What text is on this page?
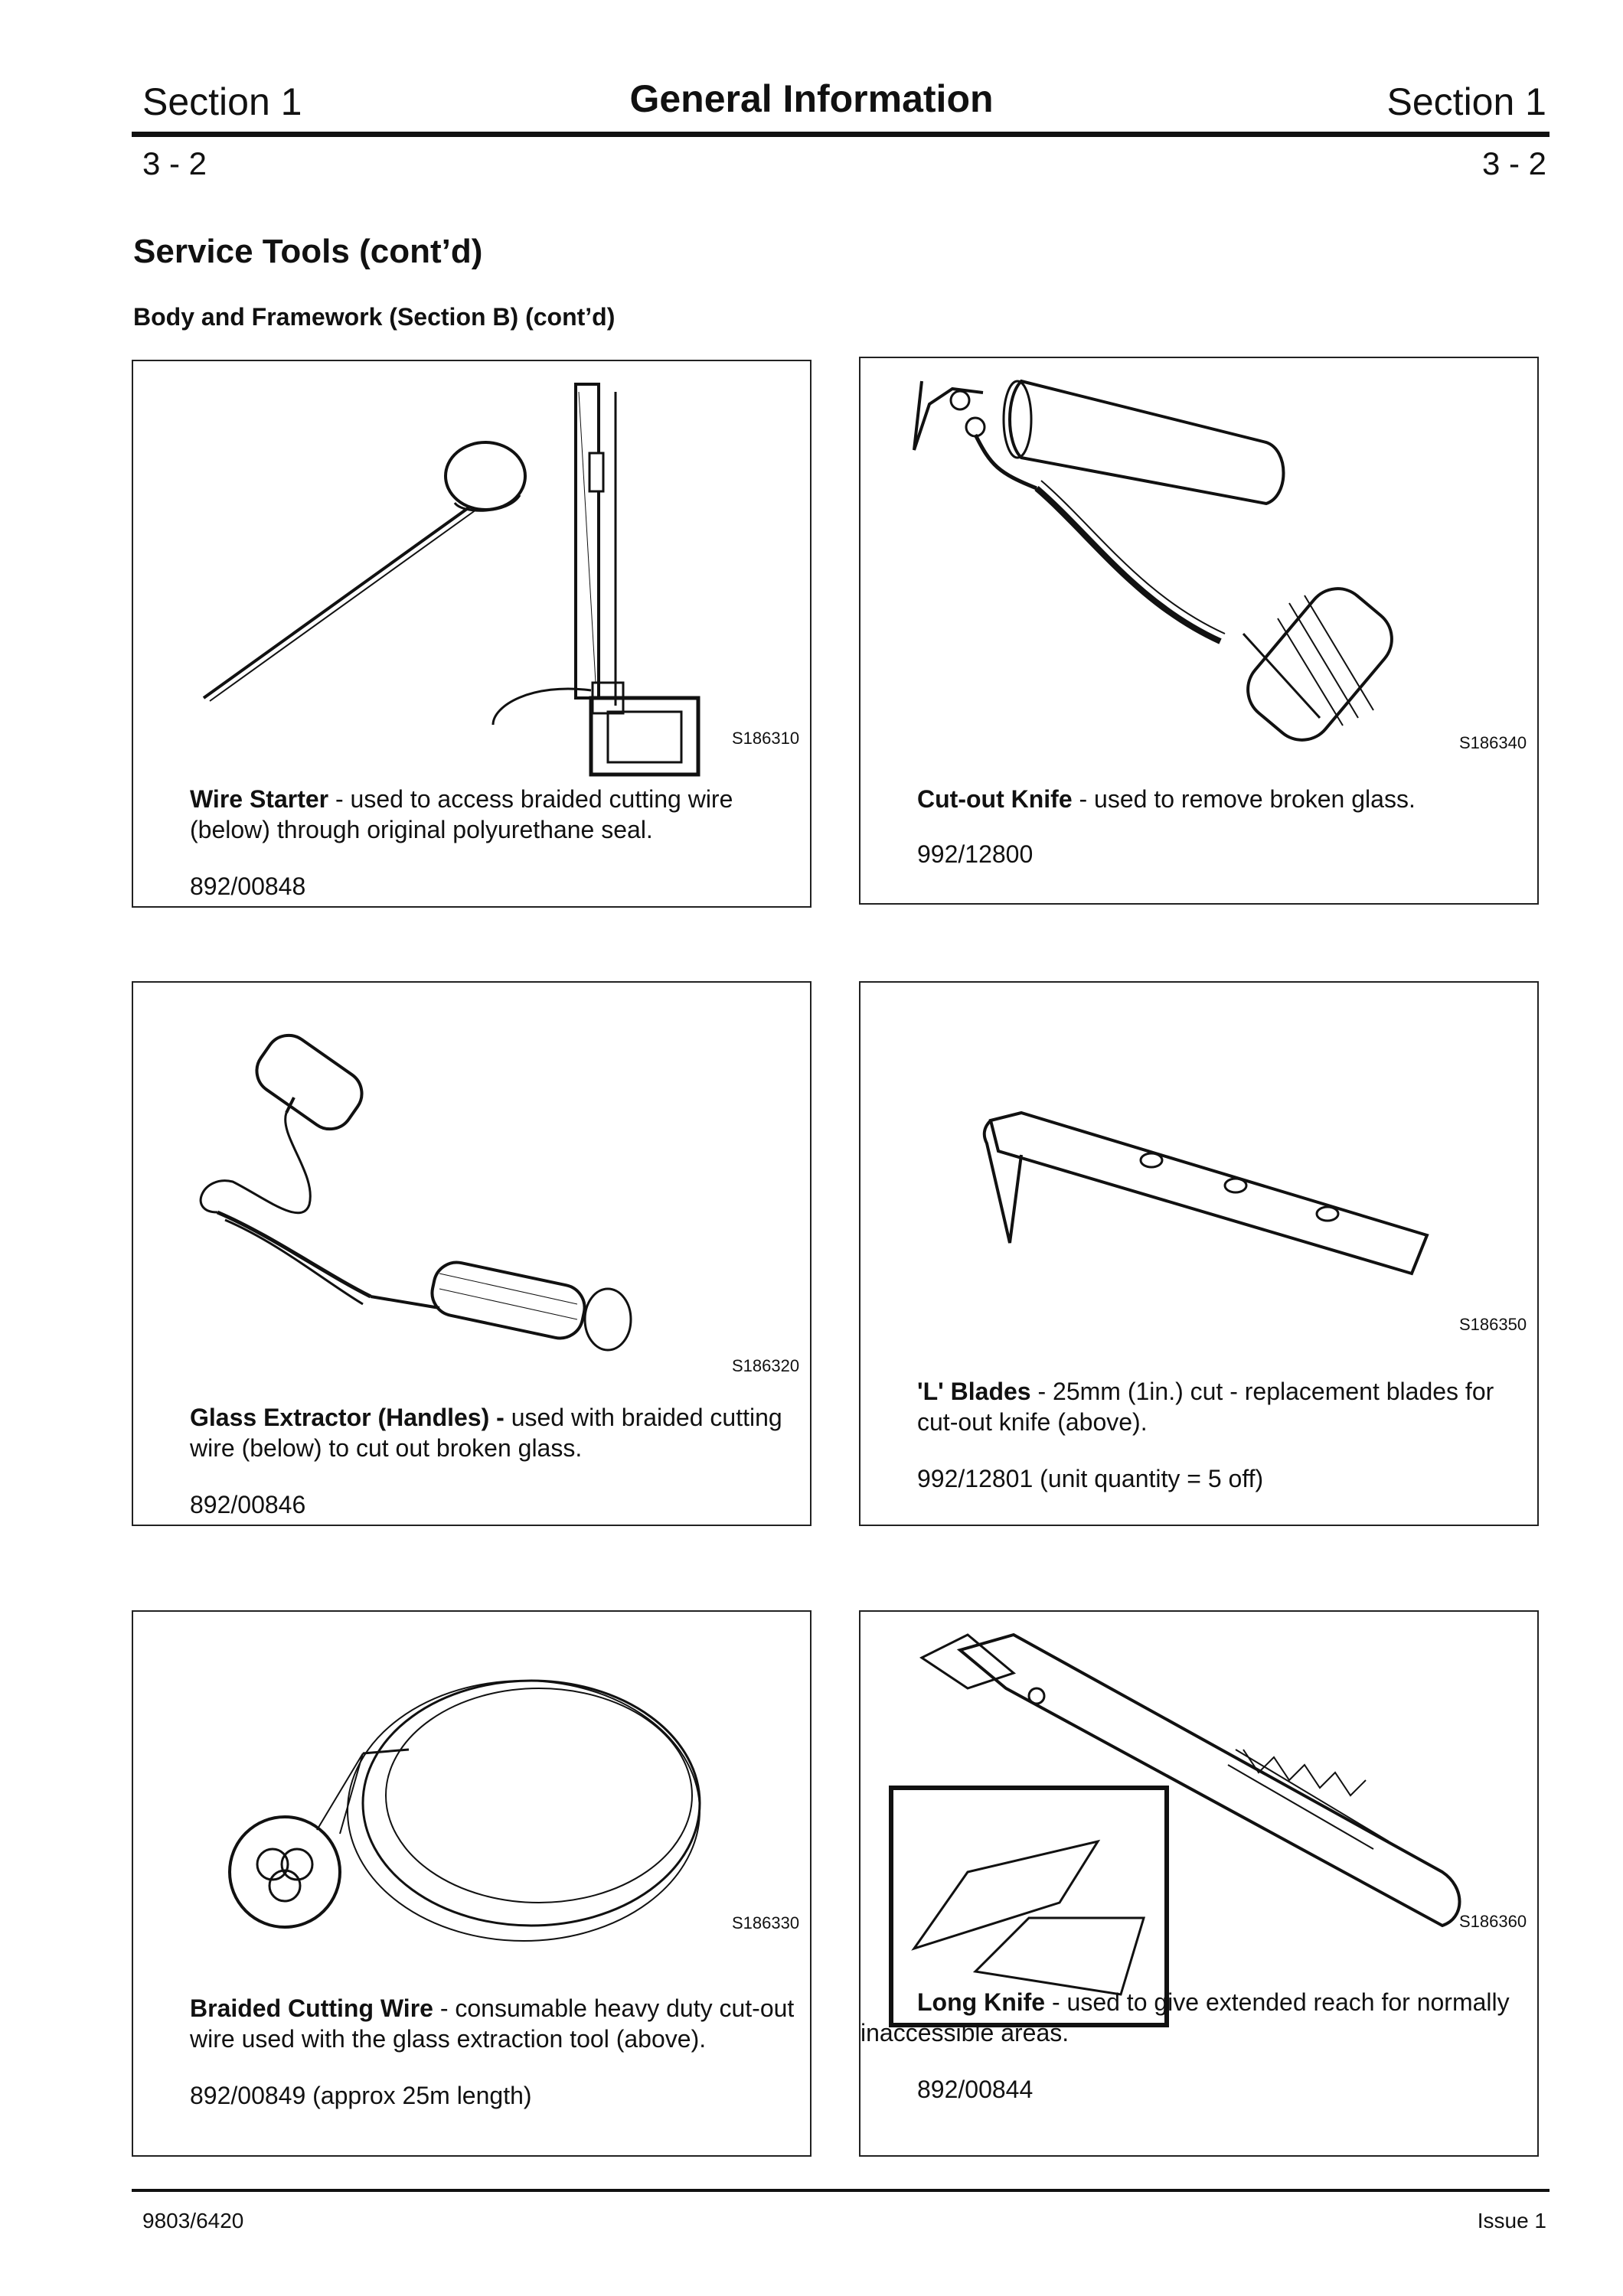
Section 1	General Information	Section 1
3 - 2	3 - 2
Service Tools (cont’d)
Body and Framework (Section B) (cont’d)
S186310
Wire Starter - used to access braided cutting wire (below) through original polyurethane seal.
892/00848
S186340
Cut-out Knife - used to remove broken glass.
992/12800
S186320
Glass Extractor (Handles) - used with braided cutting wire (below) to cut out broken glass.
892/00846
S186350
'L' Blades - 25mm (1in.) cut - replacement blades for cut-out knife (above).
992/12801 (unit quantity = 5 off)
S186330
Braided Cutting Wire - consumable heavy duty cut-out wire used with the glass extraction tool (above).
892/00849 (approx 25m length)
S186360
Long Knife - used to give extended reach for normally inaccessible areas.
892/00844
9803/6420	Issue 1
